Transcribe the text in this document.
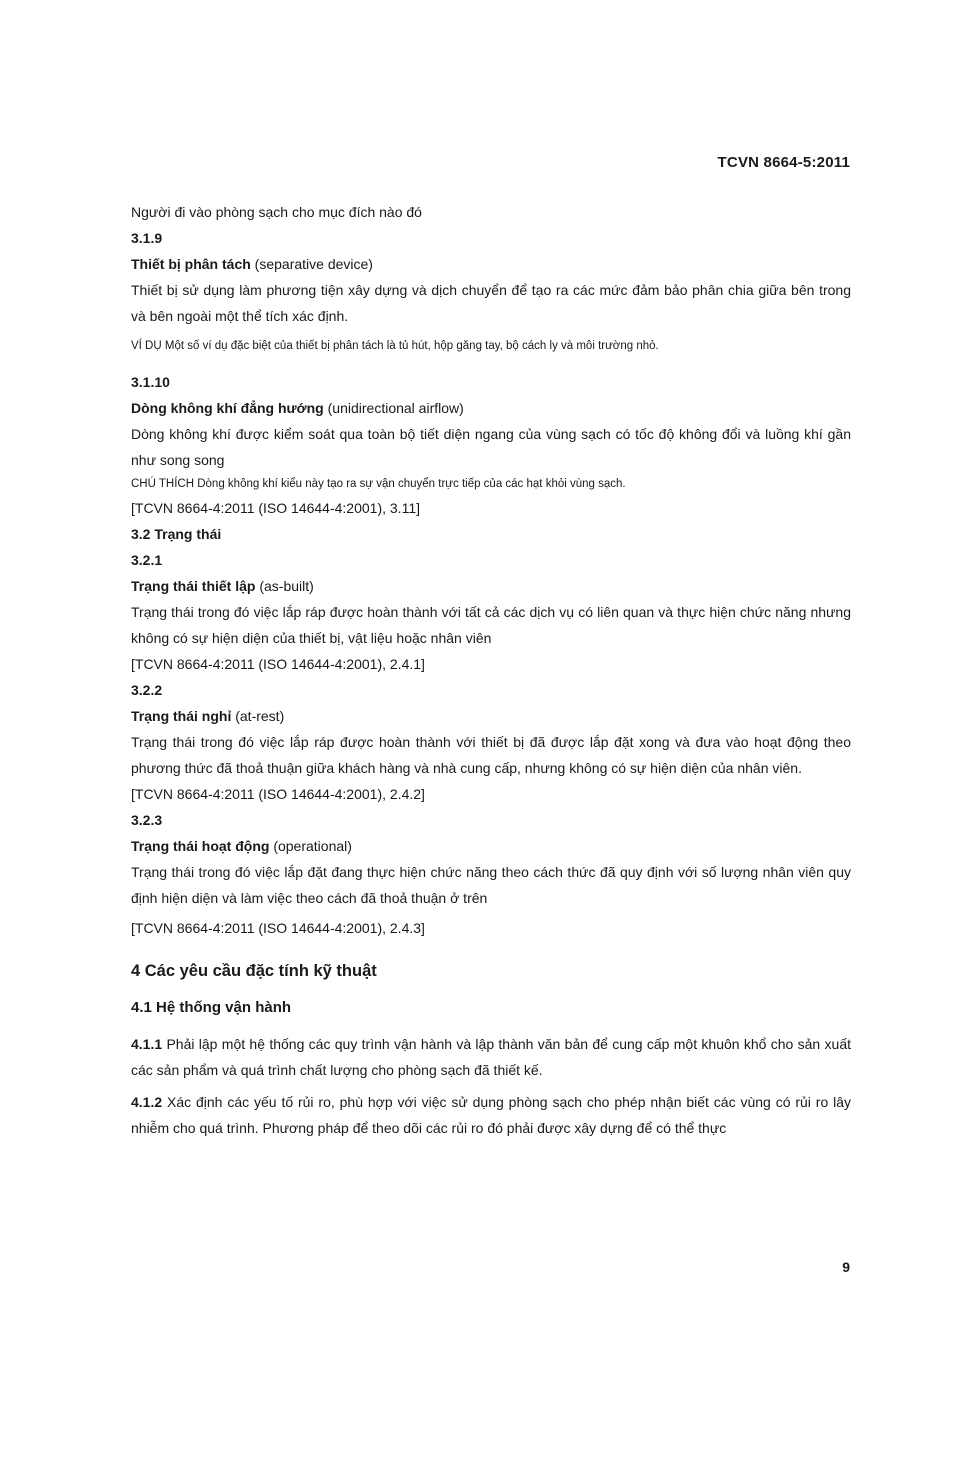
TCVN 8664-5:2011

Người đi vào phòng sạch cho mục đích nào đó

3.1.9

Thiết bị phân tách (separative device)

Thiết bị sử dụng làm phương tiện xây dựng và dịch chuyển để tạo ra các mức đảm bảo phân chia giữa bên trong và bên ngoài một thể tích xác định.

VÍ DỤ Một số ví dụ đặc biệt của thiết bị phân tách là tủ hút, hộp găng tay, bộ cách ly và môi trường nhỏ.

3.1.10

Dòng không khí đẳng hướng (unidirectional airflow)

Dòng không khí được kiểm soát qua toàn bộ tiết diện ngang của vùng sạch có tốc độ không đổi và luồng khí gần như song song

CHÚ THÍCH Dòng không khí kiểu này tạo ra sự vận chuyển trực tiếp của các hạt khỏi vùng sạch.

[TCVN 8664-4:2011 (ISO 14644-4:2001), 3.11]

3.2 Trạng thái

3.2.1

Trạng thái thiết lập (as-built)

Trạng thái trong đó việc lắp ráp được hoàn thành với tất cả các dịch vụ có liên quan và thực hiện chức năng nhưng không có sự hiện diện của thiết bị, vật liệu hoặc nhân viên

[TCVN 8664-4:2011 (ISO 14644-4:2001), 2.4.1]

3.2.2

Trạng thái nghỉ (at-rest)

Trạng thái trong đó việc lắp ráp được hoàn thành với thiết bị đã được lắp đặt xong và đưa vào hoạt động theo phương thức đã thoả thuận giữa khách hàng và nhà cung cấp, nhưng không có sự hiện diện của nhân viên.

[TCVN 8664-4:2011 (ISO 14644-4:2001), 2.4.2]

3.2.3

Trạng thái hoạt động (operational)

Trạng thái trong đó việc lắp đặt đang thực hiện chức năng theo cách thức đã quy định với số lượng nhân viên quy định hiện diện và làm việc theo cách đã thoả thuận ở trên

[TCVN 8664-4:2011 (ISO 14644-4:2001), 2.4.3]

4 Các yêu cầu đặc tính kỹ thuật

4.1 Hệ thống vận hành

4.1.1 Phải lập một hệ thống các quy trình vận hành và lập thành văn bản để cung cấp một khuôn khổ cho sản xuất các sản phẩm và quá trình chất lượng cho phòng sạch đã thiết kế.

4.1.2 Xác định các yếu tố rủi ro, phù hợp với việc sử dụng phòng sạch cho phép nhận biết các vùng có rủi ro lây nhiễm cho quá trình. Phương pháp để theo dõi các rủi ro đó phải được xây dựng để có thể thực

9
